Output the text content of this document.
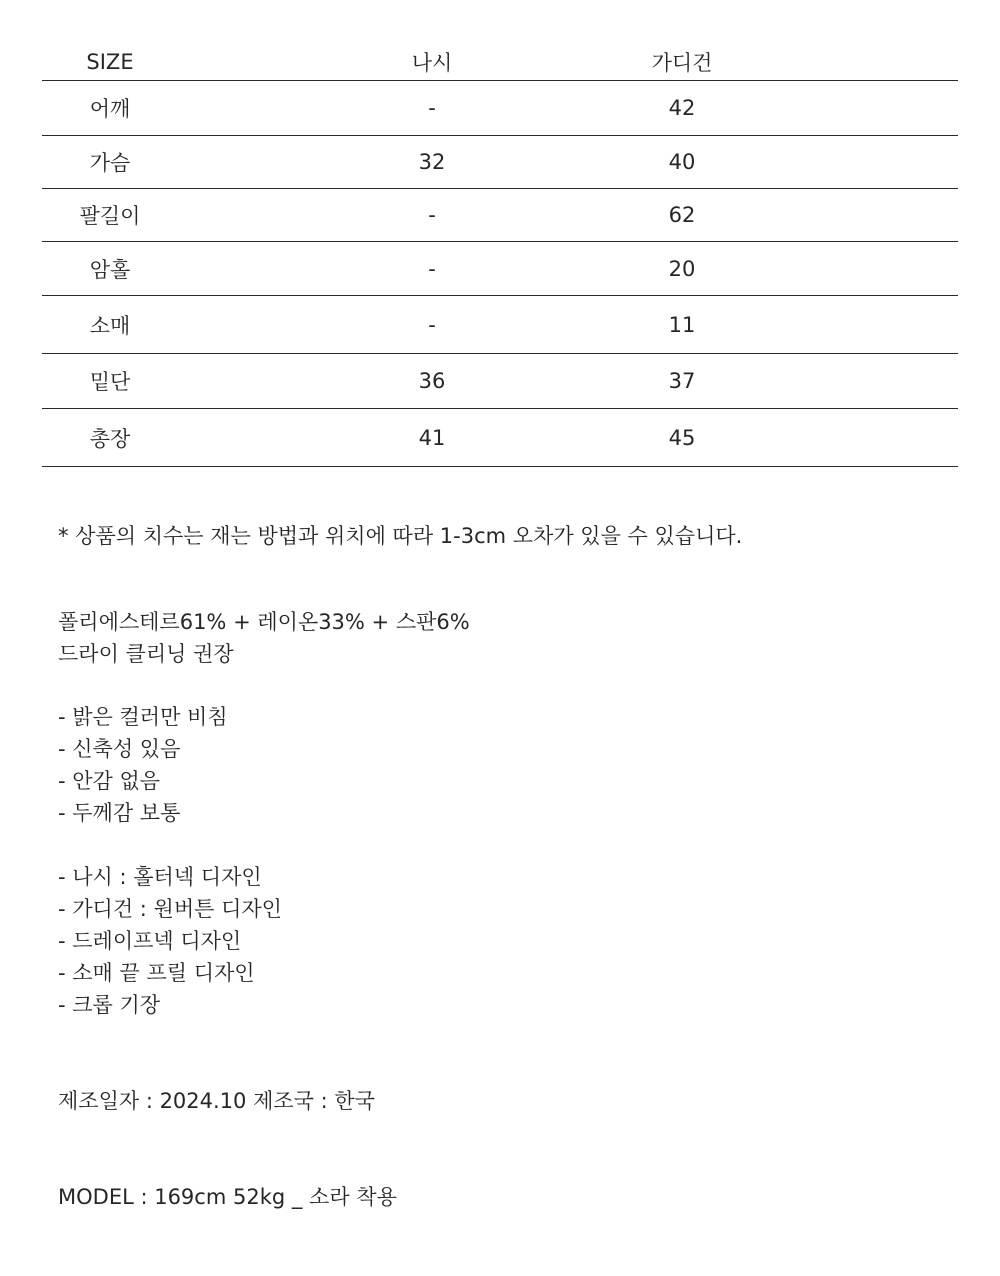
SIZE	나시	가디건
어깨	-	42
가슴	32	40
팔길이	-	62
암홀	-	20
소매	-	11
밑단	36	37
총장	41	45
* 상품의 치수는 재는 방법과 위치에 따라 1-3cm 오차가 있을 수 있습니다.
폴리에스테르61% + 레이온33% + 스판6%
드라이 클리닝 권장
- 밝은 컬러만 비침
- 신축성 있음
- 안감 없음
- 두께감 보통
- 나시 : 홀터넥 디자인
- 가디건 : 원버튼 디자인
- 드레이프넥 디자인
- 소매 끝 프릴 디자인
- 크롭 기장
제조일자 : 2024.10 제조국 : 한국
MODEL : 169cm 52kg _ 소라 착용
